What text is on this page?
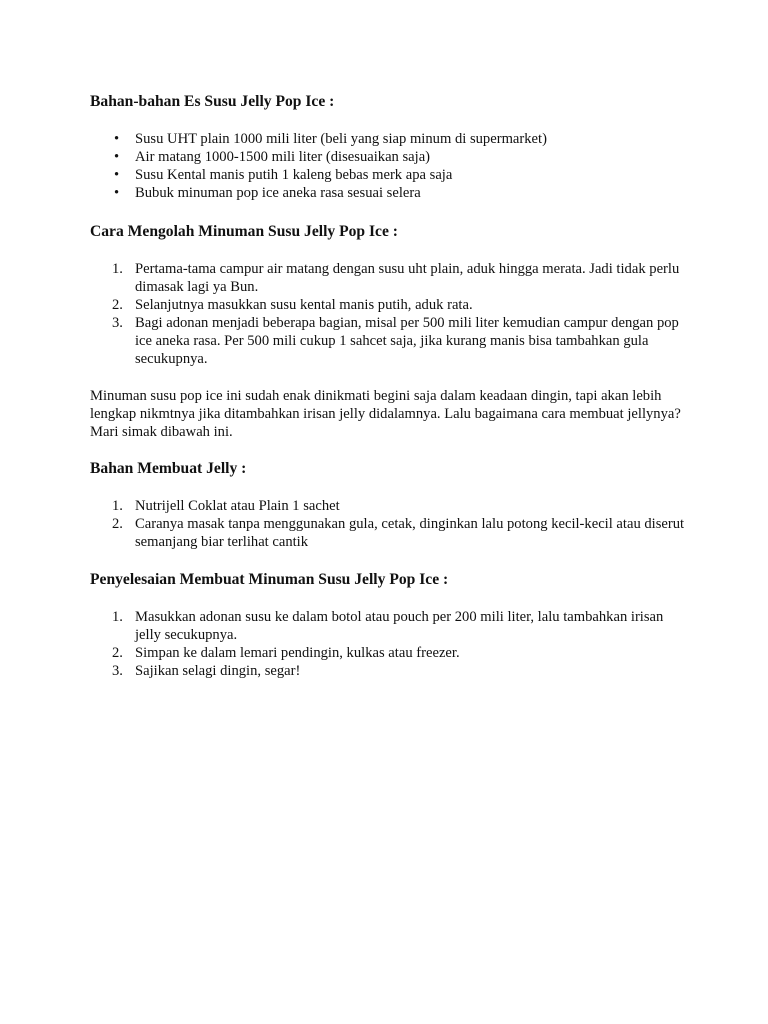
Bahan-bahan Es Susu Jelly Pop Ice :
• Susu UHT plain 1000 mili liter (beli yang siap minum di supermarket)
• Air matang 1000-1500 mili liter (disesuaikan saja)
• Susu Kental manis putih 1 kaleng bebas merk apa saja
• Bubuk minuman pop ice aneka rasa sesuai selera
Cara Mengolah Minuman Susu Jelly Pop Ice :
1. Pertama-tama campur air matang dengan susu uht plain, aduk hingga merata. Jadi tidak perlu dimasak lagi ya Bun.
2. Selanjutnya masukkan susu kental manis putih, aduk rata.
3. Bagi adonan menjadi beberapa bagian, misal per 500 mili liter kemudian campur dengan pop ice aneka rasa. Per 500 mili cukup 1 sahcet saja, jika kurang manis bisa tambahkan gula secukupnya.

Minuman susu pop ice ini sudah enak dinikmati begini saja dalam keadaan dingin, tapi akan lebih lengkap nikmtnya jika ditambahkan irisan jelly didalamnya. Lalu bagaimana cara membuat jellynya? Mari simak dibawah ini.

Bahan Membuat Jelly :
1. Nutrijell Coklat atau Plain 1 sachet
2. Caranya masak tanpa menggunakan gula, cetak, dinginkan lalu potong kecil-kecil atau diserut semanjang biar terlihat cantik
Penyelesaian Membuat Minuman Susu Jelly Pop Ice :
1. Masukkan adonan susu ke dalam botol atau pouch per 200 mili liter, lalu tambahkan irisan jelly secukupnya.
2. Simpan ke dalam lemari pendingin, kulkas atau freezer.
3. Sajikan selagi dingin, segar!
